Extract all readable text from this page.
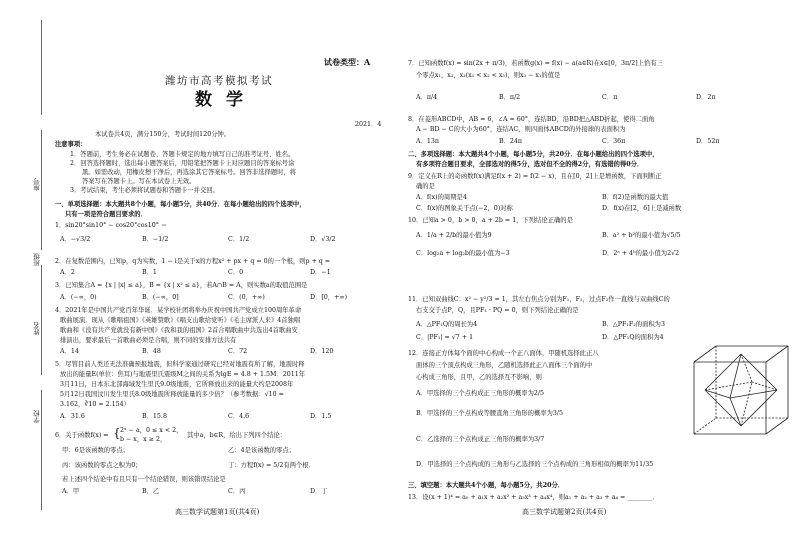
座号
班级
姓名
学校
试卷类型：A
潍坊市高考模拟考试
数学
2021．4
本试卷共4页，满分150分，考试时间120分钟。
注意事项：
1．答题前，考生务必在试题卷、答题卡规定的地方填写自己的准考证号、姓名。
2．回答选择题时，选出每小题答案后，用铅笔把答题卡上对应题目的答案标号涂
黑。如需改动，用橡皮擦干净后，再选涂其它答案标号。回答非选择题时，将
答案写在答题卡上。写在本试卷上无效。
3．考试结束，考生必须将试题卷和答题卡一并交回。
一、单项选择题：本大题共8个小题，每小题5分，共40分．在每小题给出的四个选项中，
只有一项是符合题目要求的．
1．sin20°sin10° − cos20°cos10° ＝
A．−√3/2	B．−1/2	C．1/2	D．√3/2
2．在复数范围内，已知p，q为实数，1 − i是关于x的方程x² + px + q = 0的一个根，则p + q =
A．2	B．1	C．0	D．−1
3．已知集合A = {x | |x| ≤ a}，B = {x | x² ≤ a}，若A∩B = A，则实数a的取值范围是
A．(−∞，0)	B．(−∞，0]	C．(0，+∞)	D．[0，+∞)
4．2021年是中国共产党百年华诞．某学校社团将举办庆祝中国共产党成立100周年革命
歌曲展演．现从《歌唱祖国》《英雄赞歌》《唱支山歌给党听》《毛主席派人来》4首独唱
歌曲和《没有共产党就没有新中国》《我和我的祖国》2首合唱歌曲中共选出4首歌曲安
排演出，要求最后一首歌曲必须是合唱，则不同的安排方法共有
A．14	B．48	C．72	D．120
5．尽管目前人类还无法准确预报地震，但科学家通过研究已经对地震有所了解，地震时释
放出的能量E(单位：焦耳)与地震里氏震级M之间的关系为lgE = 4.8 + 1.5M．2011年
3月11日，日本东北部海域发生里氏9.0级地震，它所释放出来的能量大约是2008年
5月12日我国汶川发生里氏8.0级地震所释放能量的多少倍？（参考数据：√10 =
3.162，∛10 ≈ 2.154）
A．31.6	B．15.8	C．4.6	D．1.5
6．关于函数f(x) = { 2ˣ − a，0 ≤ x < 2，
b − x，x ≥ 2，
其中a，b∈R，给出下列四个结论：
甲：6是该函数的零点；	乙：4是该函数的零点；
丙：该函数的零点之积为0；	丁：方程f(x) = 5/2有两个根．
若上述四个结论中有且只有一个结论错误，则该错误结论是
A．甲	B．乙	C．丙	D．丁
高三数学试题第1页(共4页)
7．已知函数f(x) = sin(2x + π/3)，若函数g(x) = f(x) − a(a∈R)在x∈[0，3π/2]上恰有三
个零点x₁，x₂，x₃(x₁ < x₂ < x₃)，则x₃ − x₁的值是
A．π/4	B．π/2	C．π	D．2π
8．在菱形ABCD中，AB = 6，∠A = 60°，连结BD，沿BD把△ABD折起，使得二面角
A − BD − C的大小为60°，连结AC，则四面体ABCD的外接球的表面积为
A．13π	B．24π	C．36π	D．52π
二、多项选择题：本大题共4个小题，每小题5分，共20分．在每小题给出的四个选项中，
有多项符合题目要求，全部选对的得5分，选对但不全的得2分，有选错的得0分．
9．定义在R上的奇函数f(x)满足f(x + 2) = f(2 − x)，且在[0，2]上是增函数，下面判断正
确的是
A．f(x)的周期是4	B．f(2)是函数的最大值
C．f(x)的图象关于点(−2，0)对称	D．f(x)在[2，6]上是减函数
10．已知a > 0，b > 0，a + 2b = 1，下列结论正确的是
A．1/a + 2/b的最小值为9	B．a² + b²的最小值为√5/5
C．log₂a + log₂b的最小值为−3	D．2ᵃ + 4ᵇ的最小值为2√2
11．已知双曲线C：x² − y²/3 = 1，其左右焦点分别为F₁，F₂，过点F₂作一直线与双曲线C的
右支交于点P，Q，且PF₁ · PQ = 0，则下列结论正确的是
A．△PF₁Q的周长为4	B．△PF₁F₂的面积为3
C．|PF₁| = √7 + 1	D．△PF₁Q的面积为4
12．连接正方体每个面的中心构成一个正八面体，甲随机选择此正八
面体的三个顶点构成三角形，乙随机选择此正八面体三个面的中
心构成三角形，且甲，乙的选择互不影响，则
A．甲选择的三个点构成正三角形的概率为2/5
B．甲选择的三个点构成等腰直角三角形的概率为3/5
C．乙选择的三个点构成正三角形的概率为3/7
D．甲选择的三个点构成的三角形与乙选择的三个点构成的三角形相似的概率为11/35
三、填空题：本大题共4个小题，每小题5分，共20分．
13．设(x + 1)⁴ = a₀ + a₁x + a₂x² + a₃x³ + a₄x⁴，则a₁ + a₂ + a₃ + a₄ = ________．
高三数学试题第2页(共4页)
